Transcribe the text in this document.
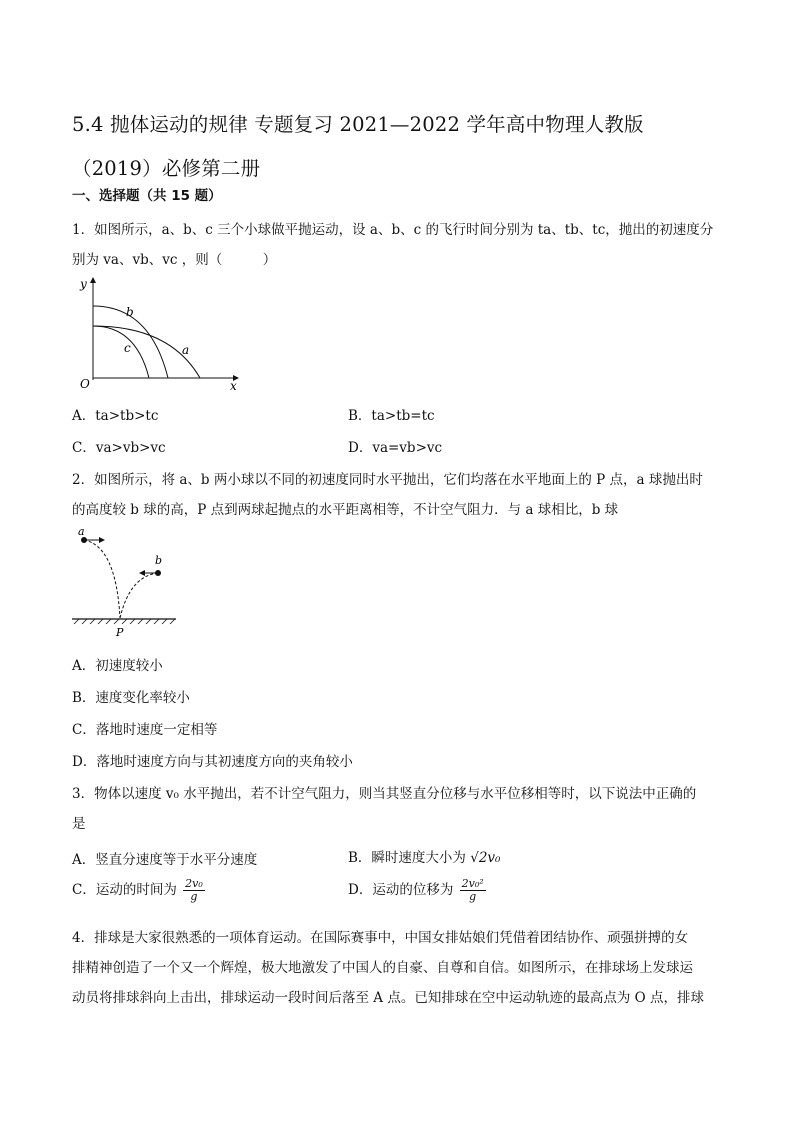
5.4 抛体运动的规律 专题复习 2021—2022 学年高中物理人教版
（2019）必修第二册
一、选择题（共 15 题）
1．如图所示，a、b、c 三个小球做平抛运动，设 a、b、c 的飞行时间分别为 ta、tb、tc，抛出的初速度分
别为 va、vb、vc ，则（　　　）
y
x
O
b
c	a
A．ta>tb>tc	B．ta>tb=tc
C．va>vb>vc	D．va=vb>vc
2．如图所示，将 a、b 两小球以不同的初速度同时水平抛出，它们均落在水平地面上的 P 点，a 球抛出时
的高度较 b 球的高，P 点到两球起抛点的水平距离相等，不计空气阻力．与 a 球相比，b 球
a
b
P
A．初速度较小
B．速度变化率较小
C．落地时速度一定相等
D．落地时速度方向与其初速度方向的夹角较小
3．物体以速度 v₀ 水平抛出，若不计空气阻力，则当其竖直分位移与水平位移相等时，以下说法中正确的
是
A．竖直分速度等于水平分速度	B．瞬时速度大小为 √2v₀
C．运动的时间为 $\frac{\text{2v₀}}{g}$	D．运动的位移为 $\frac{\text{2v₀²}}{g}$
4．排球是大家很熟悉的一项体育运动。在国际赛事中，中国女排姑娘们凭借着团结协作、顽强拼搏的女
排精神创造了一个又一个辉煌，极大地激发了中国人的自豪、自尊和自信。如图所示，在排球场上发球运
动员将排球斜向上击出，排球运动一段时间后落至 A 点。已知排球在空中运动轨迹的最高点为 O 点，排球
